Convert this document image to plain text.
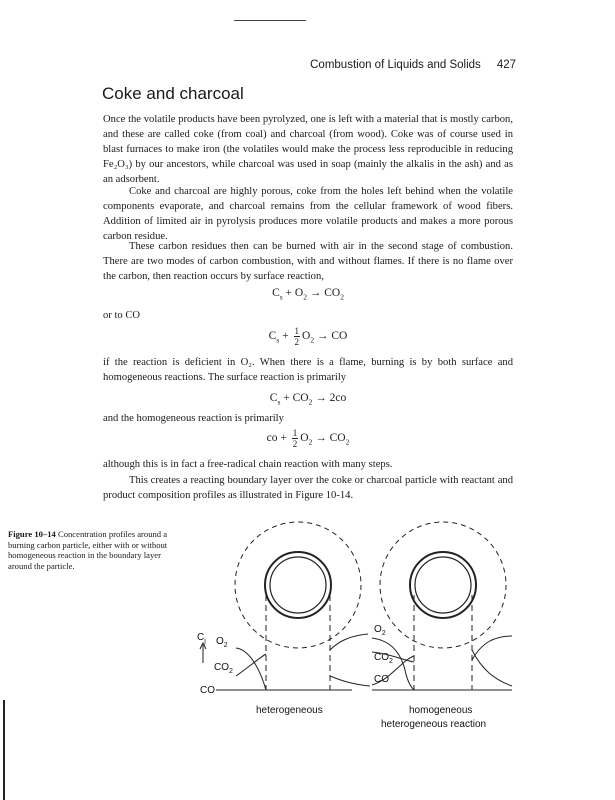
Combustion of Liquids and Solids 427
Coke and charcoal

Once the volatile products have been pyrolyzed, one is left with a material that is mostly carbon, and these are called coke (from coal) and charcoal (from wood). Coke was of course used in blast furnaces to make iron (the volatiles would make the process less reproducible in reducing Fe₂O₃) by our ancestors, while charcoal was used in soap (mainly the alkalis in the ash) and as an adsorbent.

Coke and charcoal are highly porous, coke from the holes left behind when the volatile components evaporate, and charcoal remains from the cellular framework of wood fibers. Addition of limited air in pyrolysis produces more volatile products and makes a more porous carbon residue.

These carbon residues then can be burned with air in the second stage of combustion. There are two modes of carbon combustion, with and without flames. If there is no flame over the carbon, then reaction occurs by surface reaction,

$C_s + O_2 \to CO_2$

or to CO

$C_s + \frac{1}{2} O_2$ → CO

if the reaction is deficient in O₂. When there is a flame, burning is by both surface and homogeneous reactions. The surface reaction is primarily

$C_s + CO_2 \to 2co$

and the homogeneous reaction is primarily

co + $\frac{1}{2} O_2 \to CO_2$

although this is in fact a free-radical chain reaction with many steps.

This creates a reacting boundary layer over the coke or charcoal particle with reactant and product composition profiles as illustrated in Figure 10-14.

Figure 10–14 Concentration profiles around a burning carbon particle, either with or without homogeneous reaction in the boundary layer around the particle.

$C_j$ $O_2$
$CO_2$
CO
$O_2$
$CO_2$
CO
heterogeneous	homogeneous
heterogeneous reaction
